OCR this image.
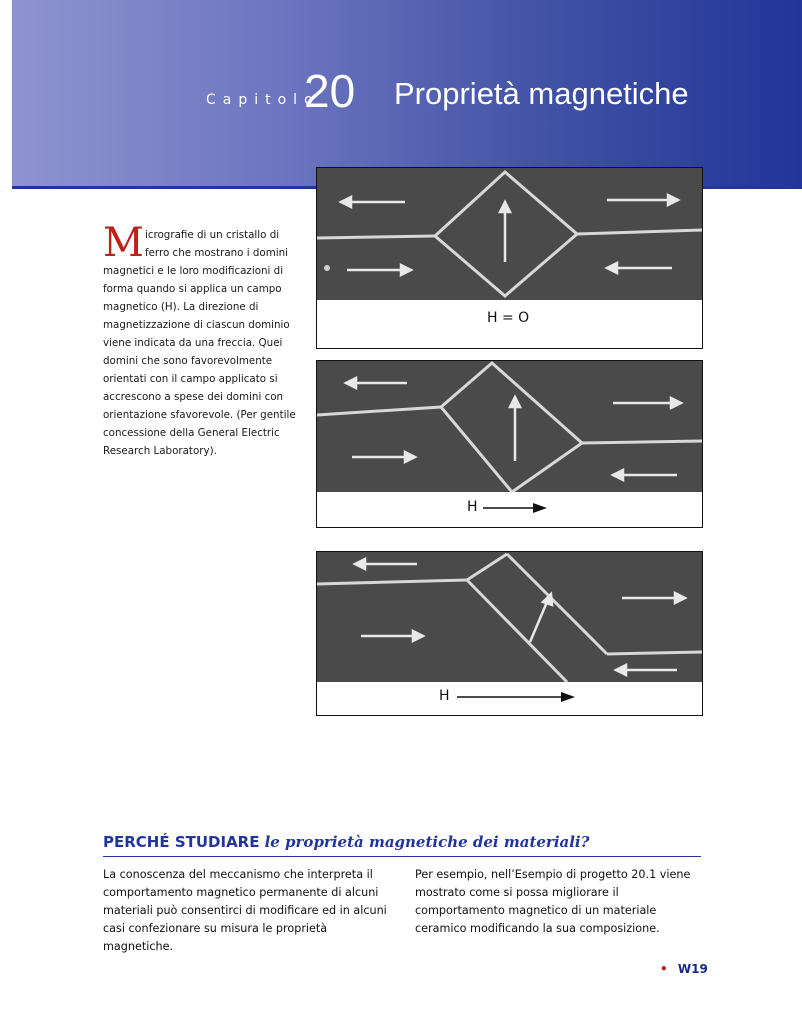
Capitolo
20 Proprietà magnetiche
M icrografie di un cristallo di ferro che mostrano i domini magnetici e le loro modificazioni di forma quando si applica un campo magnetico (H). La direzione di magnetizzazione di ciascun dominio viene indicata da una freccia. Quei domini che sono favorevolmente orientati con il campo applicato si accrescono a spese dei domini con orientazione sfavorevole. (Per gentile concessione della General Electric Research Laboratory).
H = O
H
H
PERCHÉ STUDIARE le proprietà magnetiche dei materiali?
La conoscenza del meccanismo che interpreta il comportamento magnetico permanente di alcuni materiali può consentirci di modificare ed in alcuni casi confezionare su misura le proprietà magnetiche.
Per esempio, nell’Esempio di progetto 20.1 viene mostrato come si possa migliorare il comportamento magnetico di un materiale ceramico modificando la sua composizione.
• W19
